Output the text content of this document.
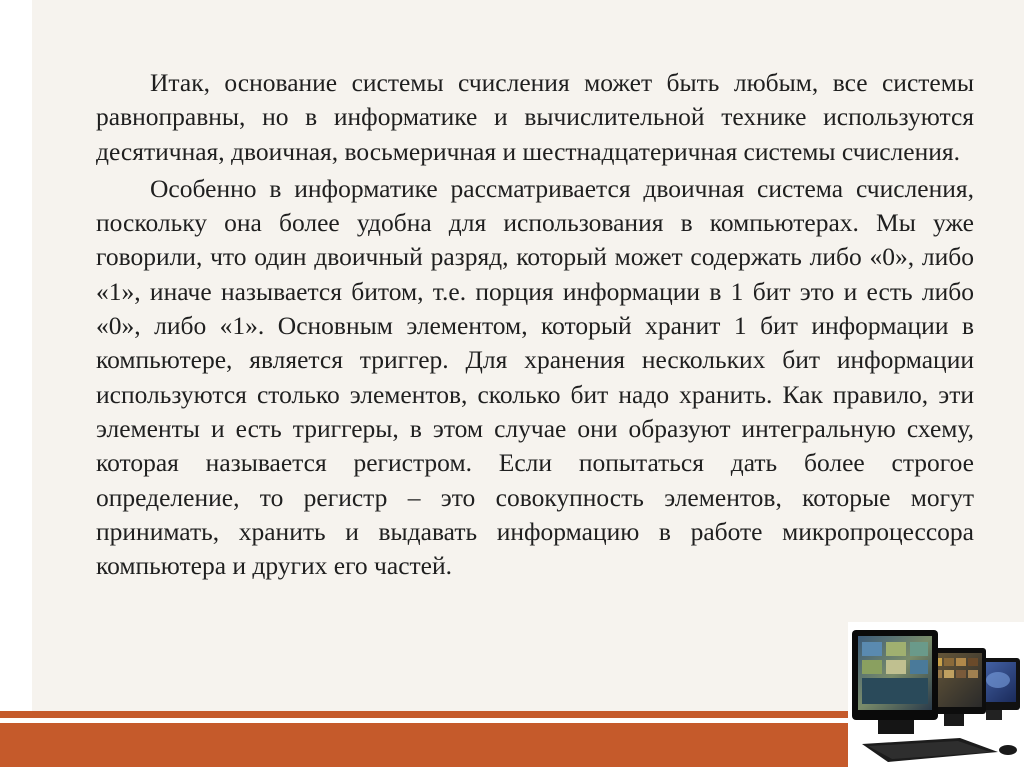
Итак, основание системы счисления может быть любым, все системы равноправны, но в информатике и вычислительной технике используются десятичная, двоичная, восьмеричная и шестнадцатеричная системы счисления.

Особенно в информатике рассматривается двоичная система счисления, поскольку она более удобна для использования в компьютерах. Мы уже говорили, что один двоичный разряд, который может содержать либо «0», либо «1», иначе называется битом, т.е. порция информации в 1 бит это и есть либо «0», либо «1». Основным элементом, который хранит 1 бит информации в компьютере, является триггер. Для хранения нескольких бит информации используются столько элементов, сколько бит надо хранить. Как правило, эти элементы и есть триггеры, в этом случае они образуют интегральную схему, которая называется регистром. Если попытаться дать более строгое определение, то регистр – это совокупность элементов, которые могут принимать, хранить и выдавать информацию в работе микропроцессора компьютера и других его частей.
